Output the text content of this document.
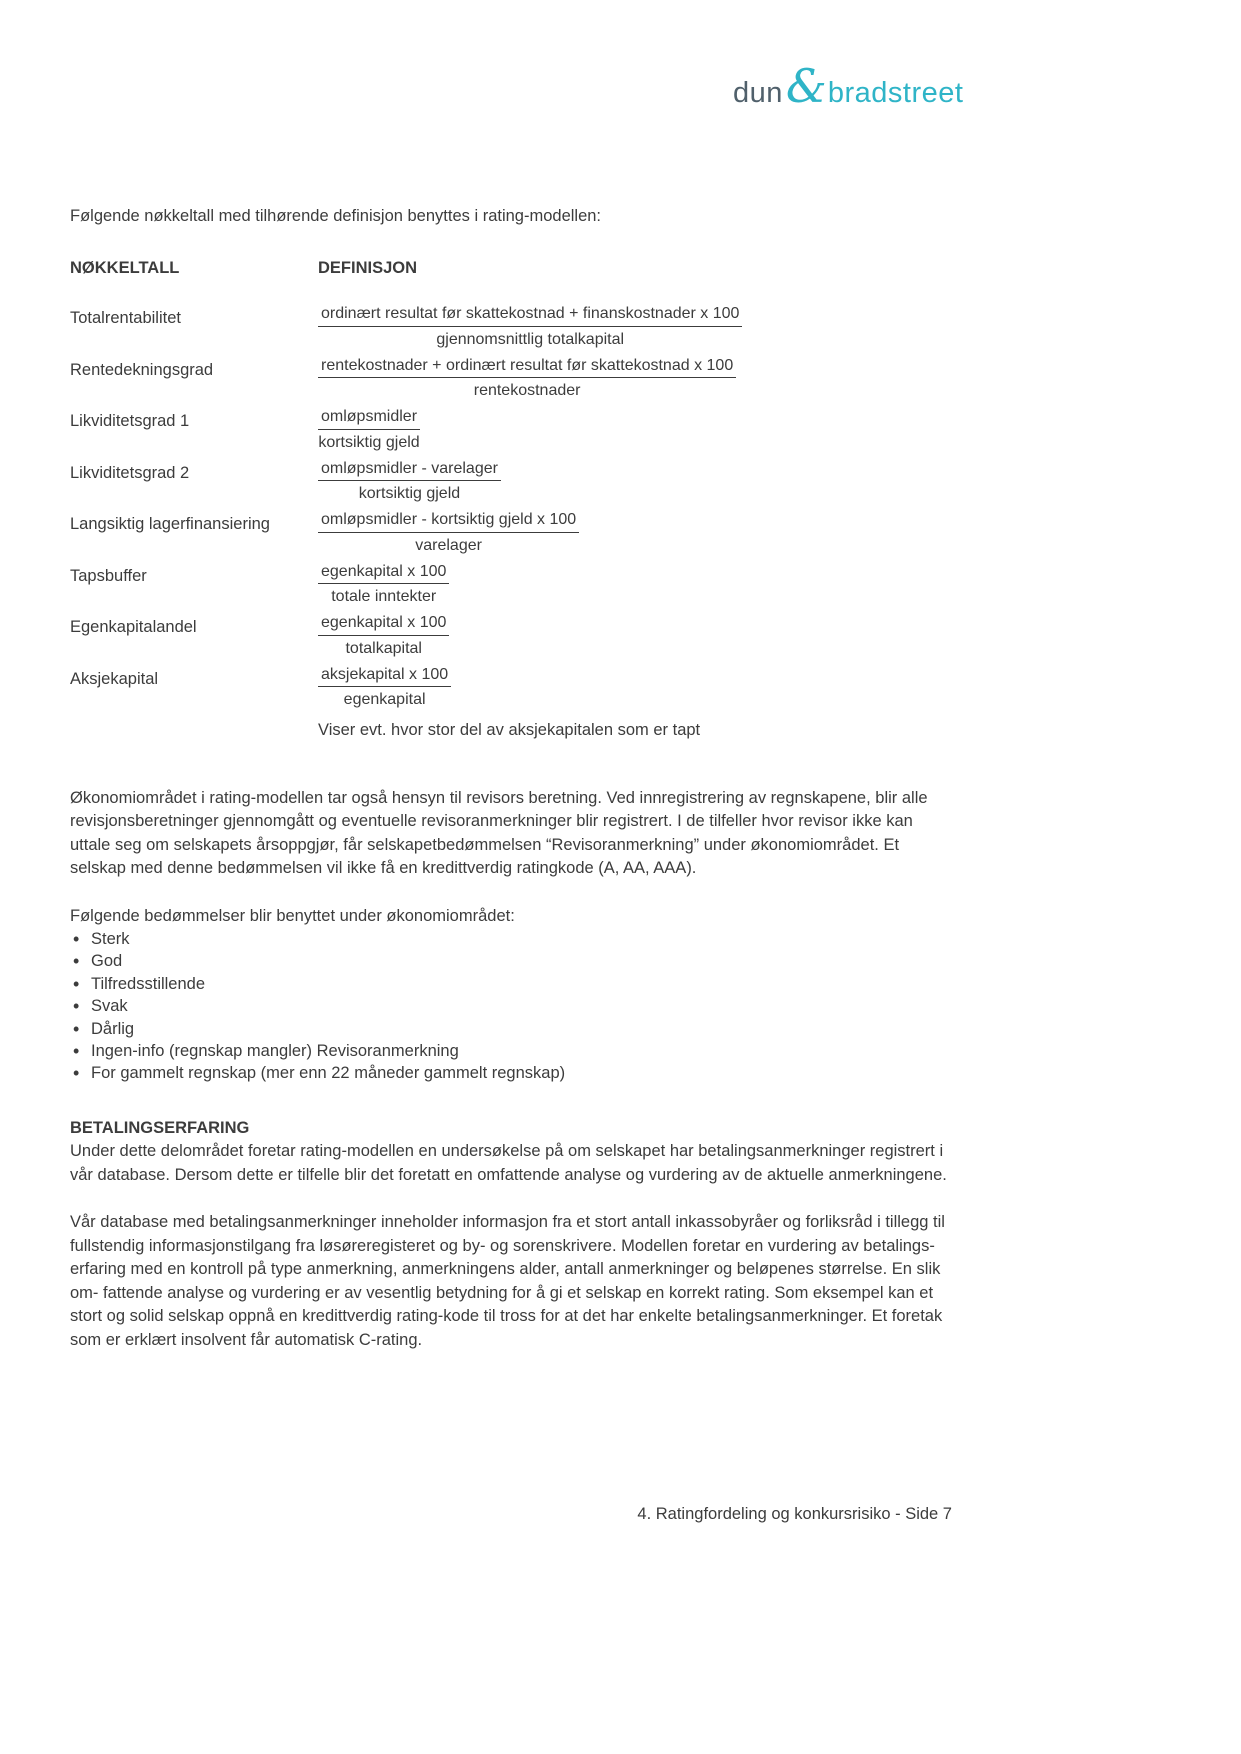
dun & bradstreet

Følgende nøkkeltall med tilhørende definisjon benyttes i rating-modellen:

NØKKELTALL	DEFINISJON
Totalrentabilitet	ordinært resultat før skattekostnad + finanskostnader x 100
gjennomsnittlig totalkapital
Rentedekningsgrad	rentekostnader + ordinært resultat før skattekostnad x 100
rentekostnader
Likviditetsgrad 1	omløpsmidler
kortsiktig gjeld
Likviditetsgrad 2	omløpsmidler - varelager
kortsiktig gjeld
Langsiktig lagerfinansiering	omløpsmidler - kortsiktig gjeld x 100
varelager
Tapsbuffer	egenkapital x 100
totale inntekter
Egenkapitalandel	egenkapital x 100
totalkapital
Aksjekapital	aksjekapital x 100
egenkapital

Viser evt. hvor stor del av aksjekapitalen som er tapt

Økonomiområdet i rating-modellen tar også hensyn til revisors beretning. Ved innregistrering av regnskapene, blir alle revisjonsberetninger gjennomgått og eventuelle revisoranmerkninger blir registrert. I de tilfeller hvor revisor ikke kan uttale seg om selskapets årsoppgjør, får selskapetbedømmelsen “Revisoranmerkning” under økonomiområdet. Et selskap med denne bedømmelsen vil ikke få en kredittverdig ratingkode (A, AA, AAA).

Følgende bedømmelser blir benyttet under økonomiområdet:

• Sterk
• God
• Tilfredsstillende
• Svak
• Dårlig
• Ingen-info (regnskap mangler) Revisoranmerkning
• For gammelt regnskap (mer enn 22 måneder gammelt regnskap)
BETALINGSERFARING

Under dette delområdet foretar rating-modellen en undersøkelse på om selskapet har betalingsanmerkninger registrert i vår database. Dersom dette er tilfelle blir det foretatt en omfattende analyse og vurdering av de aktuelle anmerkningene.

Vår database med betalingsanmerkninger inneholder informasjon fra et stort antall inkassobyråer og forliksråd i tillegg til fullstendig informasjonstilgang fra løsøreregisteret og by- og sorenskrivere. Modellen foretar en vurdering av betalings- erfaring med en kontroll på type anmerkning, anmerkningens alder, antall anmerkninger og beløpenes størrelse. En slik om- fattende analyse og vurdering er av vesentlig betydning for å gi et selskap en korrekt rating. Som eksempel kan et stort og solid selskap oppnå en kredittverdig rating-kode til tross for at det har enkelte betalingsanmerkninger. Et foretak som er erklært insolvent får automatisk C-rating.

4. Ratingfordeling og konkursrisiko - Side 7
